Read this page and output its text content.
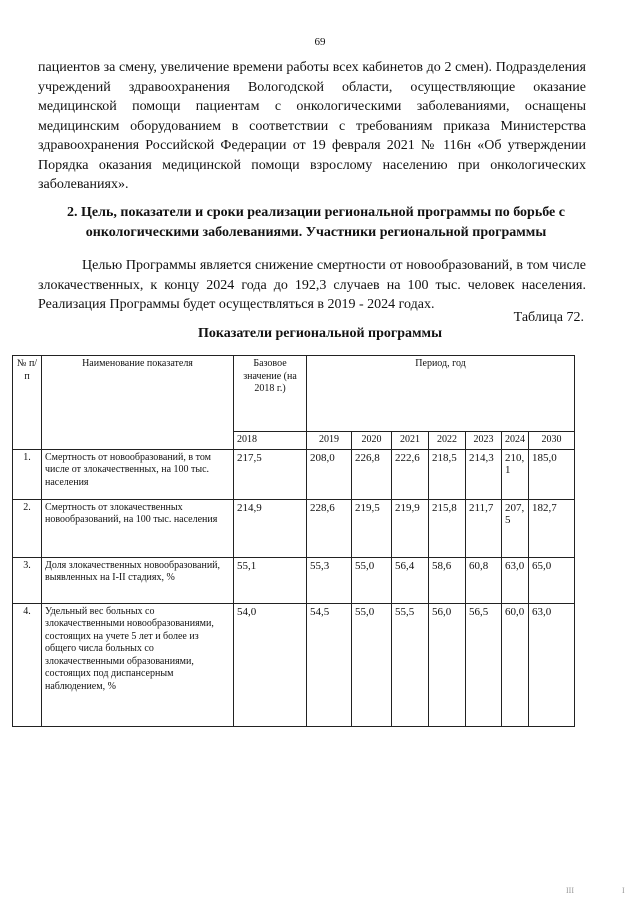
69
пациентов за смену, увеличение времени работы всех кабинетов до 2 смен). Подразделения учреждений здравоохранения Вологодской области, осуществляющие оказание медицинской помощи пациентам с онкологическими заболеваниями, оснащены медицинским оборудованием в соответствии с требованиям приказа Министерства здравоохранения Российской Федерации от 19 февраля 2021 № 116н «Об утверждении Порядка оказания медицинской помощи взрослому населению при онкологических заболеваниях».
2. Цель, показатели и сроки реализации региональной программы по борьбе с онкологическими заболеваниями. Участники региональной программы
Целью Программы является снижение смертности от новообразований, в том числе злокачественных, к концу 2024 года до 192,3 случаев на 100 тыс. человек населения. Реализация Программы будет осуществляться в 2019 - 2024 годах.
Таблица 72.
Показатели региональной программы
№ п/п	Наименование показателя	Базовое значение (на 2018 г.)	Период, год						
		2018	2019	2020	2021	2022	2023	2024	2030
1.	Смертность от новообразований, в том числе от злокачественных, на 100 тыс. населения	217,5	208,0	226,8	222,6	218,5	214,3	210,1	185,0
2.	Смертность от злокачественных новообразований, на 100 тыс. населения	214,9	228,6	219,5	219,9	215,8	211,7	207,5	182,7
3.	Доля злокачественных новообразований, выявленных на I-II стадиях, %	55,1	55,3	55,0	56,4	58,6	60,8	63,0	65,0
4.	Удельный вес больных со злокачественными новообразованиями, состоящих на учете 5 лет и более из общего числа больных со злокачественными образованиями, состоящих под диспансерным наблюдением, %	54,0	54,5	55,0	55,5	56,0	56,5	60,0	63,0
III	I
